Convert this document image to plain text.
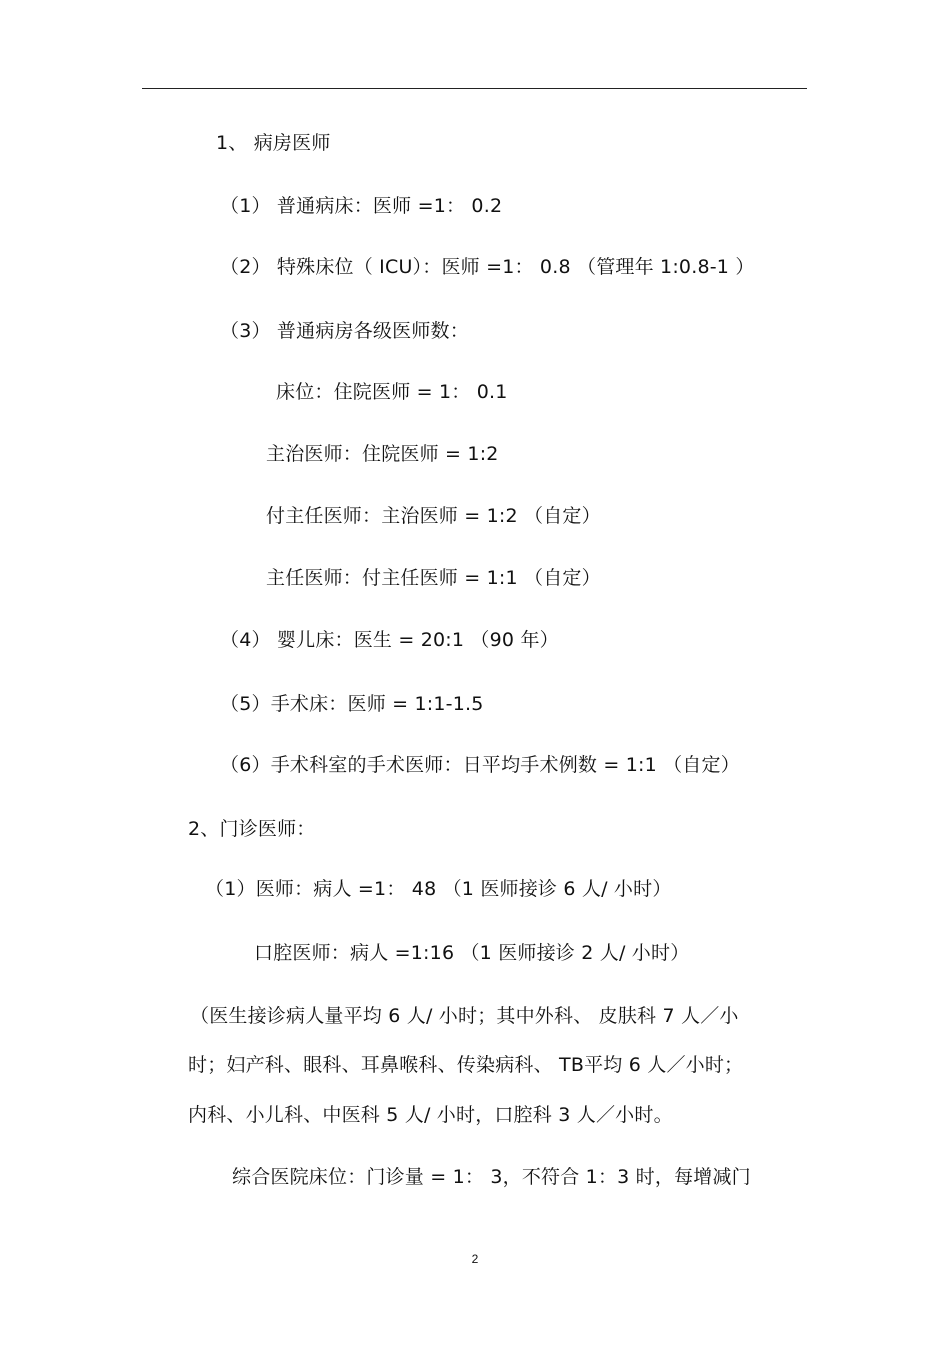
1、 病房医师
（1） 普通病床：医师 =1： 0.2
（2） 特殊床位（ ICU）：医师 =1： 0.8 （管理年 1:0.8-1 ）
（3） 普通病房各级医师数：
床位：住院医师 = 1： 0.1
主治医师：住院医师 = 1:2
付主任医师：主治医师 = 1:2 （自定）
主任医师：付主任医师 = 1:1 （自定）
（4） 婴儿床：医生 = 20:1 （90 年）
（5）手术床：医师 = 1:1-1.5
（6）手术科室的手术医师：日平均手术例数 = 1:1 （自定）
2、门诊医师：
（1）医师：病人 =1： 48 （1 医师接诊 6 人/ 小时）
口腔医师：病人 =1:16 （1 医师接诊 2 人/ 小时）
（医生接诊病人量平均 6 人/ 小时；其中外科、 皮肤科 7 人／小
时；妇产科、眼科、耳鼻喉科、传染病科、 TB平均 6 人／小时；
内科、小儿科、中医科 5 人/ 小时，口腔科 3 人／小时。
综合医院床位：门诊量 = 1： 3，不符合 1：3 时，每增减门
2
